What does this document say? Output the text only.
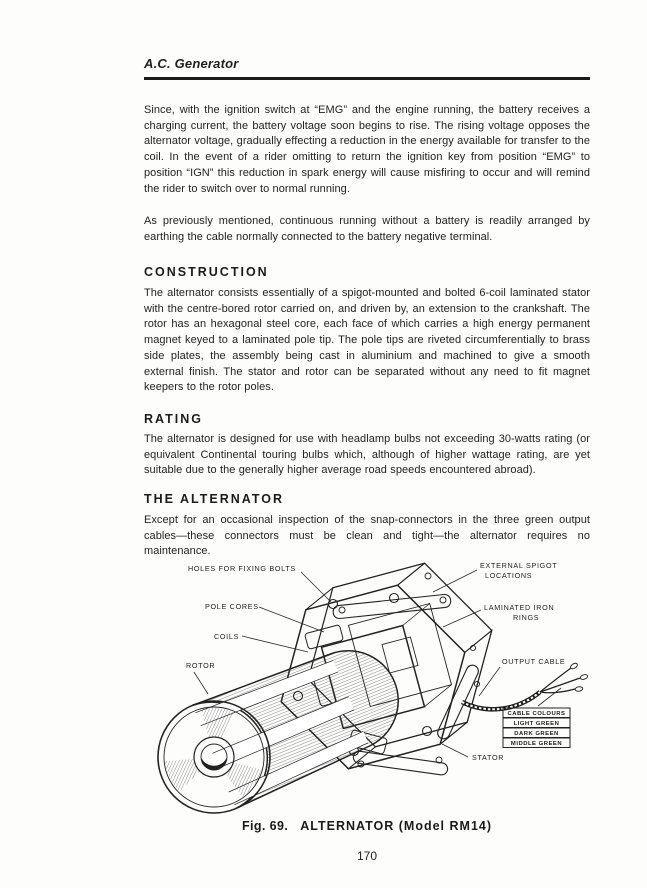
A.C. Generator

Since, with the ignition switch at “EMG” and the engine running, the battery receives a charging current, the battery voltage soon begins to rise. The rising voltage opposes the alternator voltage, gradually effecting a reduction in the energy available for transfer to the coil. In the event of a rider omitting to return the ignition key from position “EMG” to position “IGN” this reduction in spark energy will cause misfiring to occur and will remind the rider to switch over to normal running.

As previously mentioned, continuous running without a battery is readily arranged by earthing the cable normally connected to the battery negative terminal.

CONSTRUCTION

The alternator consists essentially of a spigot-mounted and bolted 6-coil laminated stator with the centre-bored rotor carried on, and driven by, an extension to the crankshaft. The rotor has an hexagonal steel core, each face of which carries a high energy permanent magnet keyed to a laminated pole tip. The pole tips are riveted circumferentially to brass side plates, the assembly being cast in aluminium and machined to give a smooth external finish. The stator and rotor can be separated without any need to fit magnet keepers to the rotor poles.

RATING

The alternator is designed for use with headlamp bulbs not exceeding 30-watts rating (or equivalent Continental touring bulbs which, although of higher wattage rating, are yet suitable due to the generally higher average road speeds encountered abroad).

THE ALTERNATOR

Except for an occasional inspection of the snap-connectors in the three green output cables—these connectors must be clean and tight—the alternator requires no maintenance.

HOLES FOR FIXING BOLTS	EXTERNAL SPIGOT
LOCATIONS
POLE CORES	LAMINATED IRON
RINGS
COILS
ROTOR	OUTPUT CABLE
STATOR
CABLE COLOURS
LIGHT GREEN
DARK GREEN
MIDDLE GREEN
Fig. 69. ALTERNATOR (Model RM14)
170
